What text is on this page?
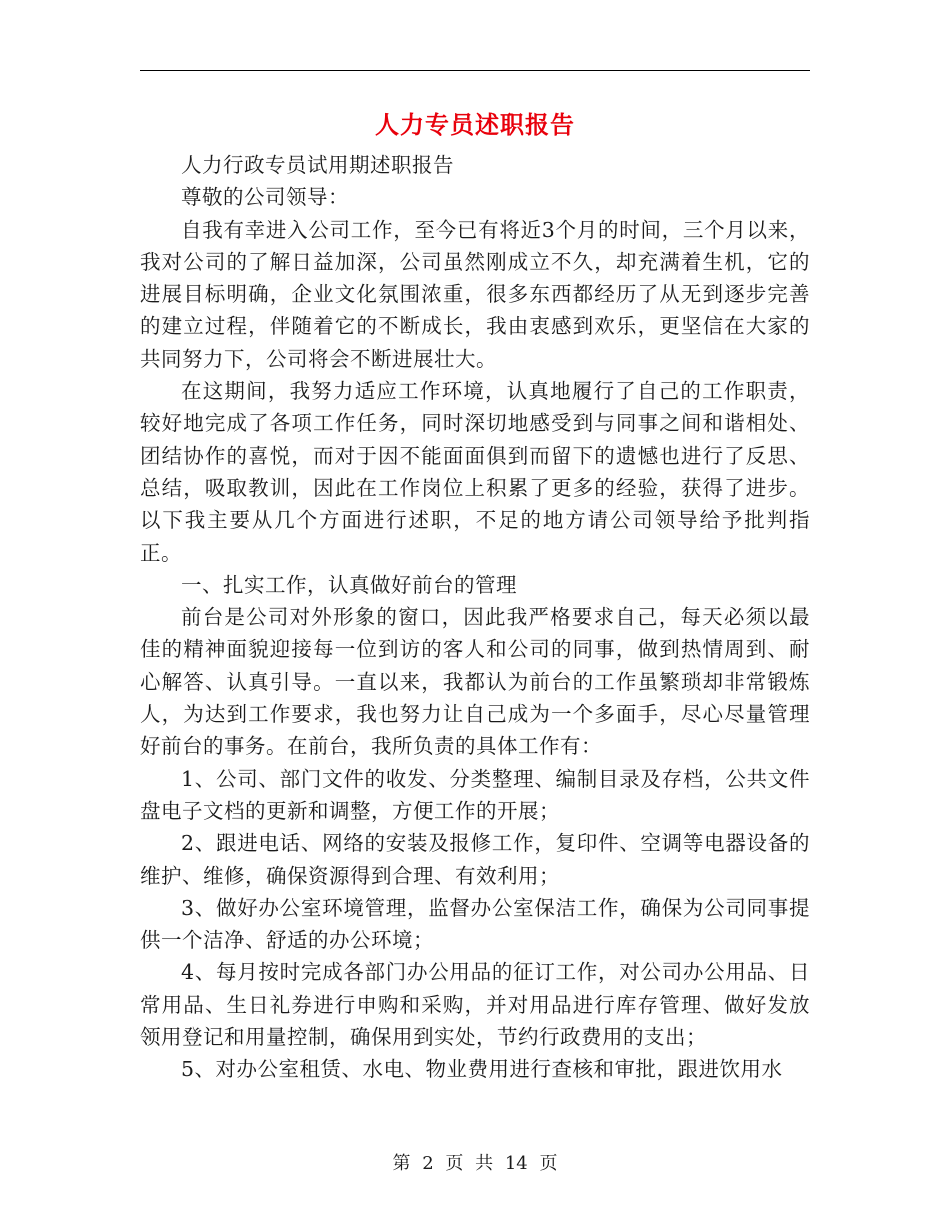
人力专员述职报告

人力行政专员试用期述职报告

尊敬的公司领导：

自我有幸进入公司工作，至今已有将近3个月的时间，三个月以来，我对公司的了解日益加深，公司虽然刚成立不久，却充满着生机，它的进展目标明确，企业文化氛围浓重，很多东西都经历了从无到逐步完善的建立过程，伴随着它的不断成长，我由衷感到欢乐，更坚信在大家的共同努力下，公司将会不断进展壮大。

在这期间，我努力适应工作环境，认真地履行了自己的工作职责，较好地完成了各项工作任务，同时深切地感受到与同事之间和谐相处、团结协作的喜悦，而对于因不能面面俱到而留下的遗憾也进行了反思、总结，吸取教训，因此在工作岗位上积累了更多的经验，获得了进步。以下我主要从几个方面进行述职，不足的地方请公司领导给予批判指正。

一、扎实工作，认真做好前台的管理

前台是公司对外形象的窗口，因此我严格要求自己，每天必须以最佳的精神面貌迎接每一位到访的客人和公司的同事，做到热情周到、耐心解答、认真引导。一直以来，我都认为前台的工作虽繁琐却非常锻炼人，为达到工作要求，我也努力让自己成为一个多面手，尽心尽量管理好前台的事务。在前台，我所负责的具体工作有：

1、公司、部门文件的收发、分类整理、编制目录及存档，公共文件盘电子文档的更新和调整，方便工作的开展；

2、跟进电话、网络的安装及报修工作，复印件、空调等电器设备的维护、维修，确保资源得到合理、有效利用；

3、做好办公室环境管理，监督办公室保洁工作，确保为公司同事提供一个洁净、舒适的办公环境；

4、每月按时完成各部门办公用品的征订工作，对公司办公用品、日常用品、生日礼券进行申购和采购，并对用品进行库存管理、做好发放领用登记和用量控制，确保用到实处，节约行政费用的支出；

5、对办公室租赁、水电、物业费用进行查核和审批，跟进饮用水

第 2 页 共 14 页
